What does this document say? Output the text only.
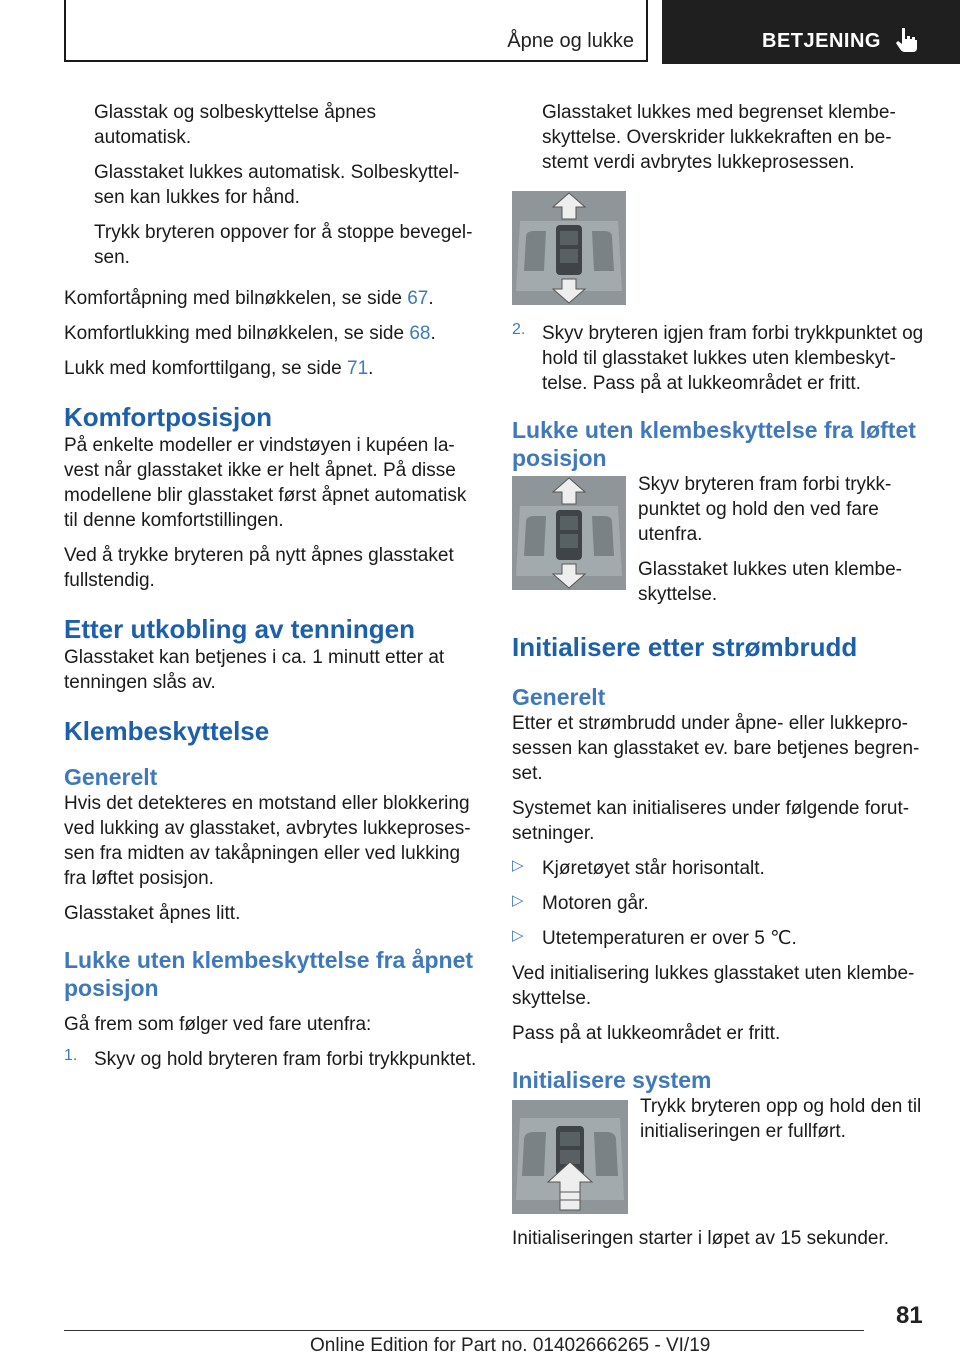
Åpne og lukke	BETJENING

Glasstak og solbeskyttelse åpnes automatisk.

Glasstaket lukkes automatisk. Solbeskyttel-sen kan lukkes for hånd.

Trykk bryteren oppover for å stoppe bevegel-sen.

Komfortåpning med bilnøkkelen, se side 67.

Komfortlukking med bilnøkkelen, se side 68.

Lukk med komforttilgang, se side 71.

Komfortposisjon

På enkelte modeller er vindstøyen i kupéen la-vest når glasstaket ikke er helt åpnet. På disse modellene blir glasstaket først åpnet automatisk til denne komfortstillingen.

Ved å trykke bryteren på nytt åpnes glasstaket fullstendig.

Etter utkobling av tenningen

Glasstaket kan betjenes i ca. 1 minutt etter at tenningen slås av.

Klembeskyttelse
Generelt

Hvis det detekteres en motstand eller blokkering ved lukking av glasstaket, avbrytes lukkeproses-sen fra midten av takåpningen eller ved lukking fra løftet posisjon.

Glasstaket åpnes litt.

Lukke uten klembeskyttelse fra åpnet posisjon

Gå frem som følger ved fare utenfra:

1. Skyv og hold bryteren fram forbi trykkpunktet.

Glasstaket lukkes med begrenset klembe-skyttelse. Overskrider lukkekraften en be-stemt verdi avbrytes lukkeprosessen.

2. Skyv bryteren igjen fram forbi trykkpunktet og hold til glasstaket lukkes uten klembeskyt-telse. Pass på at lukkeområdet er fritt.

Lukke uten klembeskyttelse fra løftet posisjon

Skyv bryteren fram forbi trykk-punktet og hold den ved fare utenfra.

Glasstaket lukkes uten klembe-skyttelse.

Initialisere etter strømbrudd
Generelt

Etter et strømbrudd under åpne- eller lukkepro-sessen kan glasstaket ev. bare betjenes begren-set.

Systemet kan initialiseres under følgende forut-setninger.

▷ Kjøretøyet står horisontalt.

▷ Motoren går.

▷ Utetemperaturen er over 5 ℃.

Ved initialisering lukkes glasstaket uten klembe-skyttelse.

Pass på at lukkeområdet er fritt.

Initialisere system

Trykk bryteren opp og hold den til initialiseringen er fullført.

Initialiseringen starter i løpet av 15 sekunder.

81
Online Edition for Part no. 01402666265 - VI/19
